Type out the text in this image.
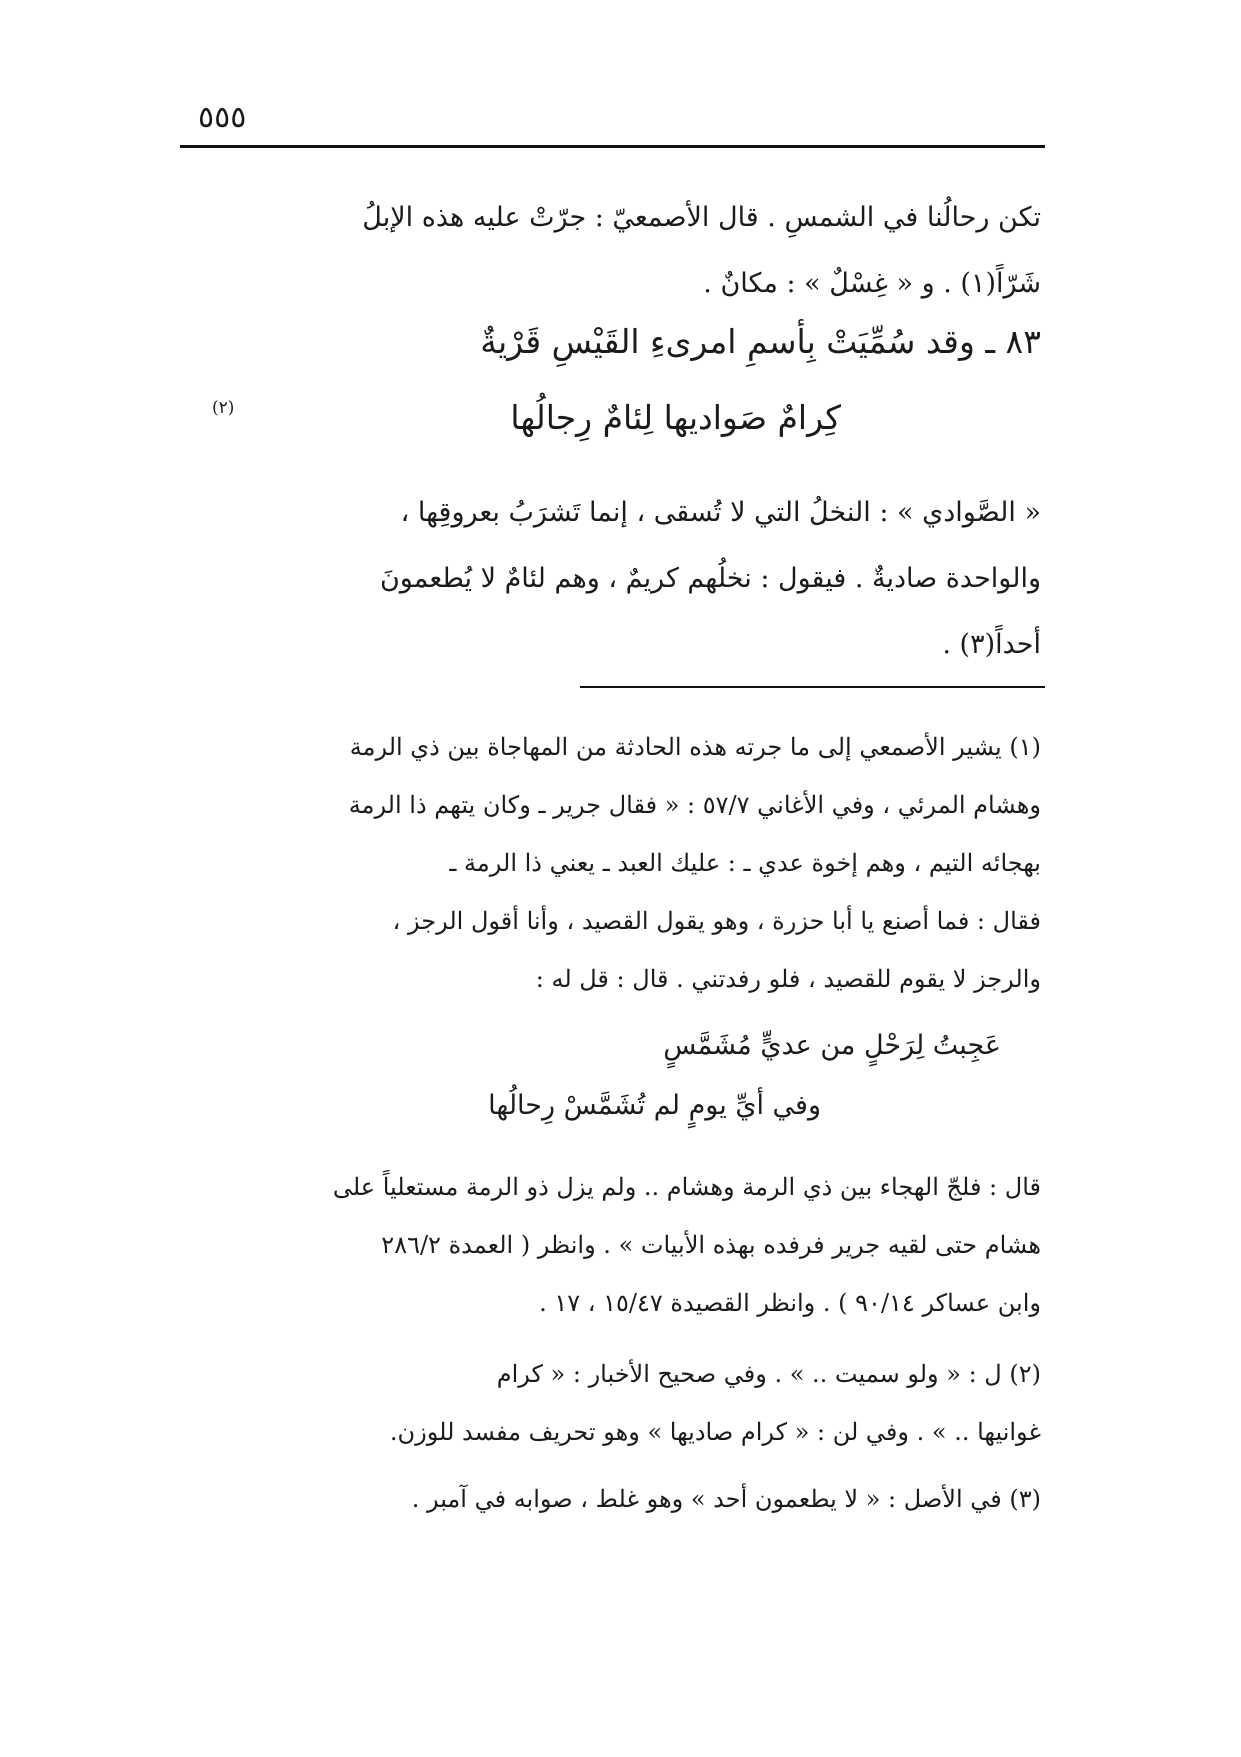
٥٥٥
تكن رحالُنا في الشمسِ . قال الأصمعيّ : جرّتْ عليه هذه الإبلُ
شَرّاً(١) . و « غِسْلٌ » : مكانٌ .
٨٣ ـ وقد سُمِّيَتْ بِأسمِ امرىءِ القَيْسِ قَرْيةٌ
كِرامٌ صَواديها لِئامٌ رِجالُها
(٢)
« الصَّوادي » : النخلُ التي لا تُسقى ، إنما تَشرَبُ بعروقِها ،
والواحدة صاديةٌ . فيقول : نخلُهم كريمٌ ، وهم لئامٌ لا يُطعمونَ
أحداً(٣) .
(١) يشير الأصمعي إلى ما جرته هذه الحادثة من المهاجاة بين ذي الرمة
وهشام المرئي ، وفي الأغاني ٥٧/٧ : « فقال جرير ـ وكان يتهم ذا الرمة
بهجائه التيم ، وهم إخوة عدي ـ : عليك العبد ـ يعني ذا الرمة ـ
فقال : فما أصنع يا أبا حزرة ، وهو يقول القصيد ، وأنا أقول الرجز ،
والرجز لا يقوم للقصيد ، فلو رفدتني . قال : قل له :
عَجِبتُ لِرَحْلٍ من عديٍّ مُشَمَّسٍ
وفي أيِّ يومٍ لم تُشَمَّسْ رِحالُها
قال : فلجّ الهجاء بين ذي الرمة وهشام .. ولم يزل ذو الرمة مستعلياً على
هشام حتى لقيه جرير فرفده بهذه الأبيات » . وانظر ( العمدة ٢٨٦/٢
وابن عساكر ٩٠/١٤ ) . وانظر القصيدة ١٥/٤٧ ، ١٧ .
(٢) ل : « ولو سميت .. » . وفي صحيح الأخبار : « كرام
غوانيها .. » . وفي لن : « كرام صاديها » وهو تحريف مفسد للوزن.
(٣) في الأصل : « لا يطعمون أحد » وهو غلط ، صوابه في آمبر .
